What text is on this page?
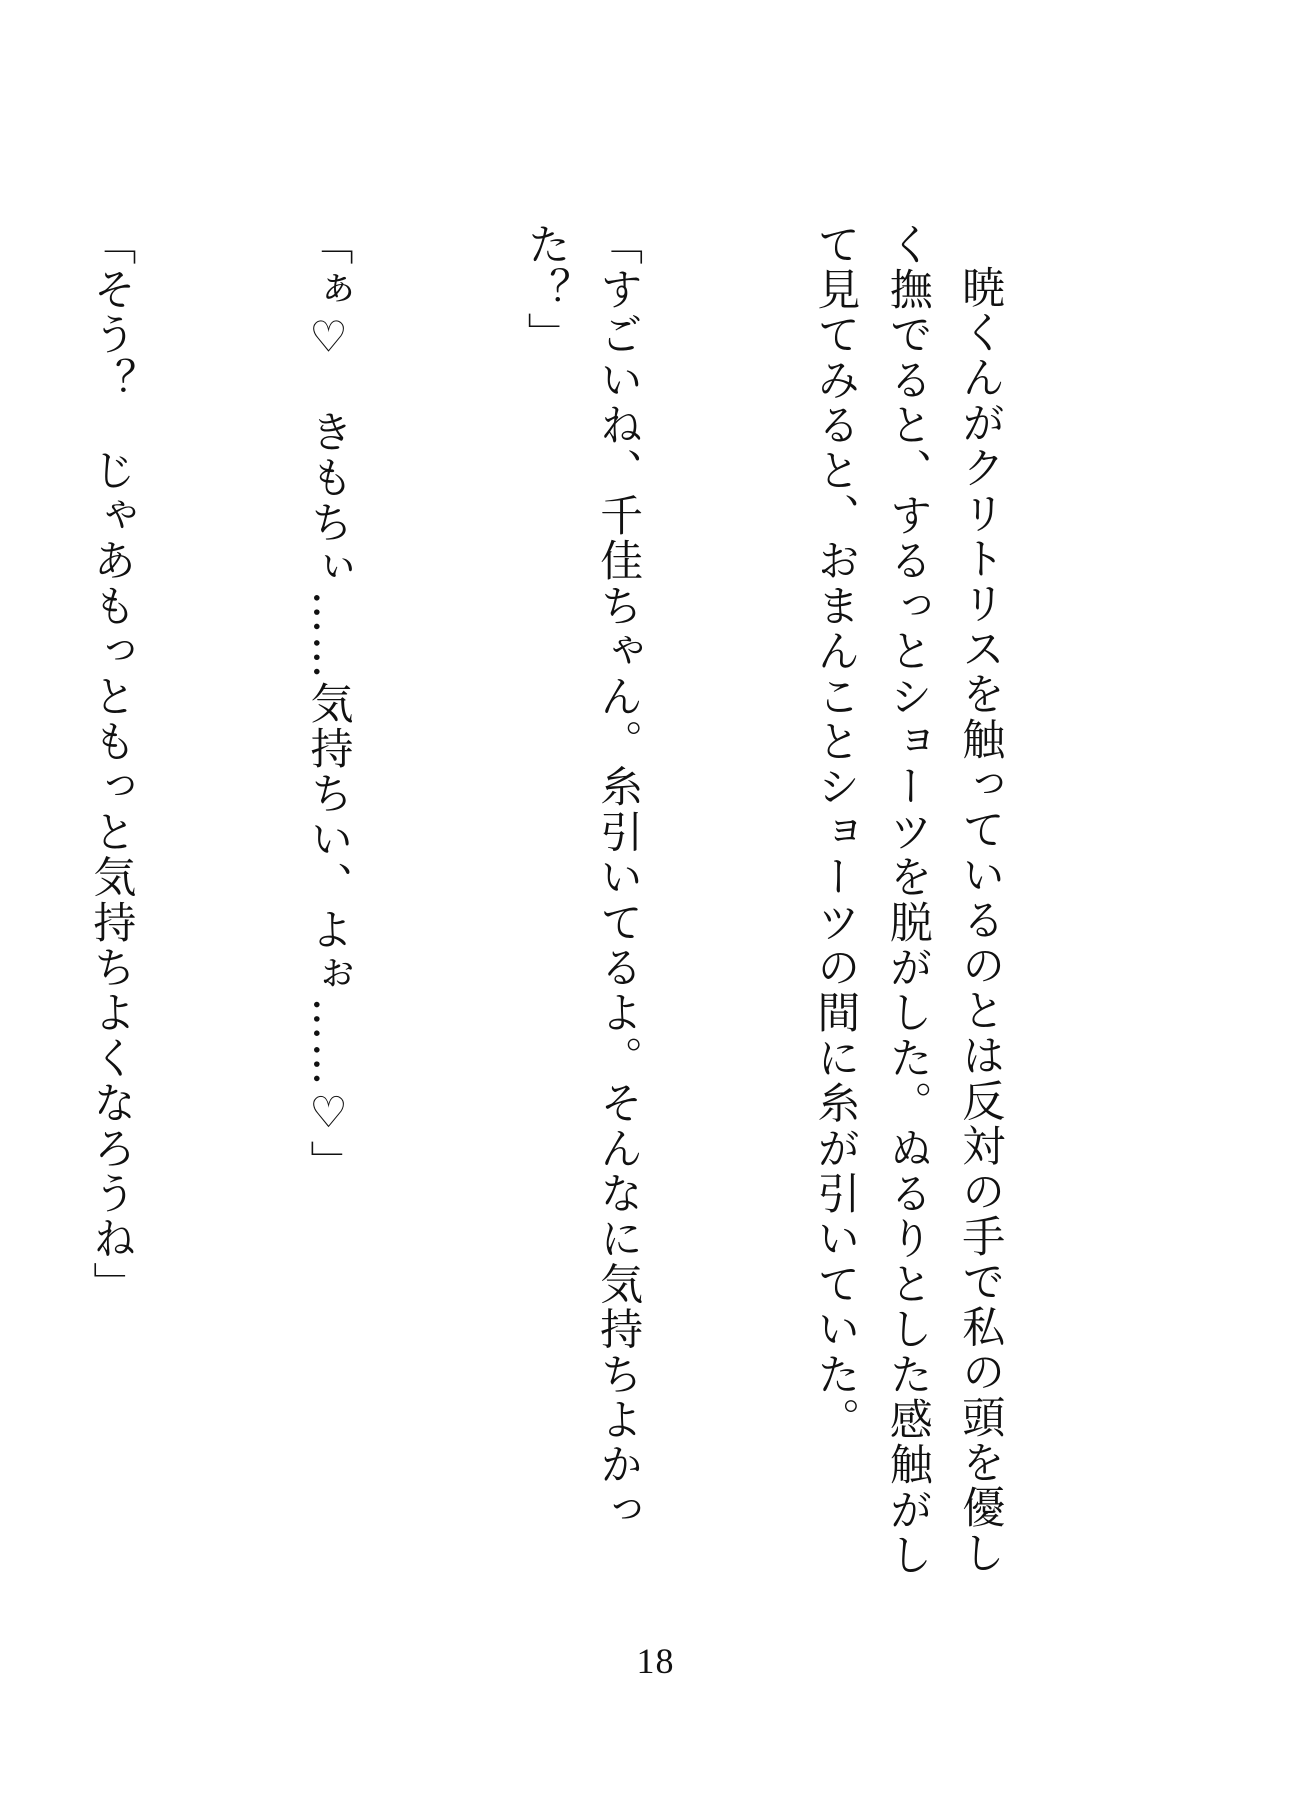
暁くんがクリトリスを触っているのとは反対の手で私の頭を優しく撫でると、するっとショーツを脱がした。ぬるりとした感触がして見てみると、おまんことショーツの間に糸が引いていた。

「すごいね、千佳ちゃん。糸引いてるよ。そんなに気持ちよかった？」

「ぁ♡　きもちぃ……気持ちい、よぉ……♡」

「そう？　じゃあもっともっと気持ちよくなろうね」

18
